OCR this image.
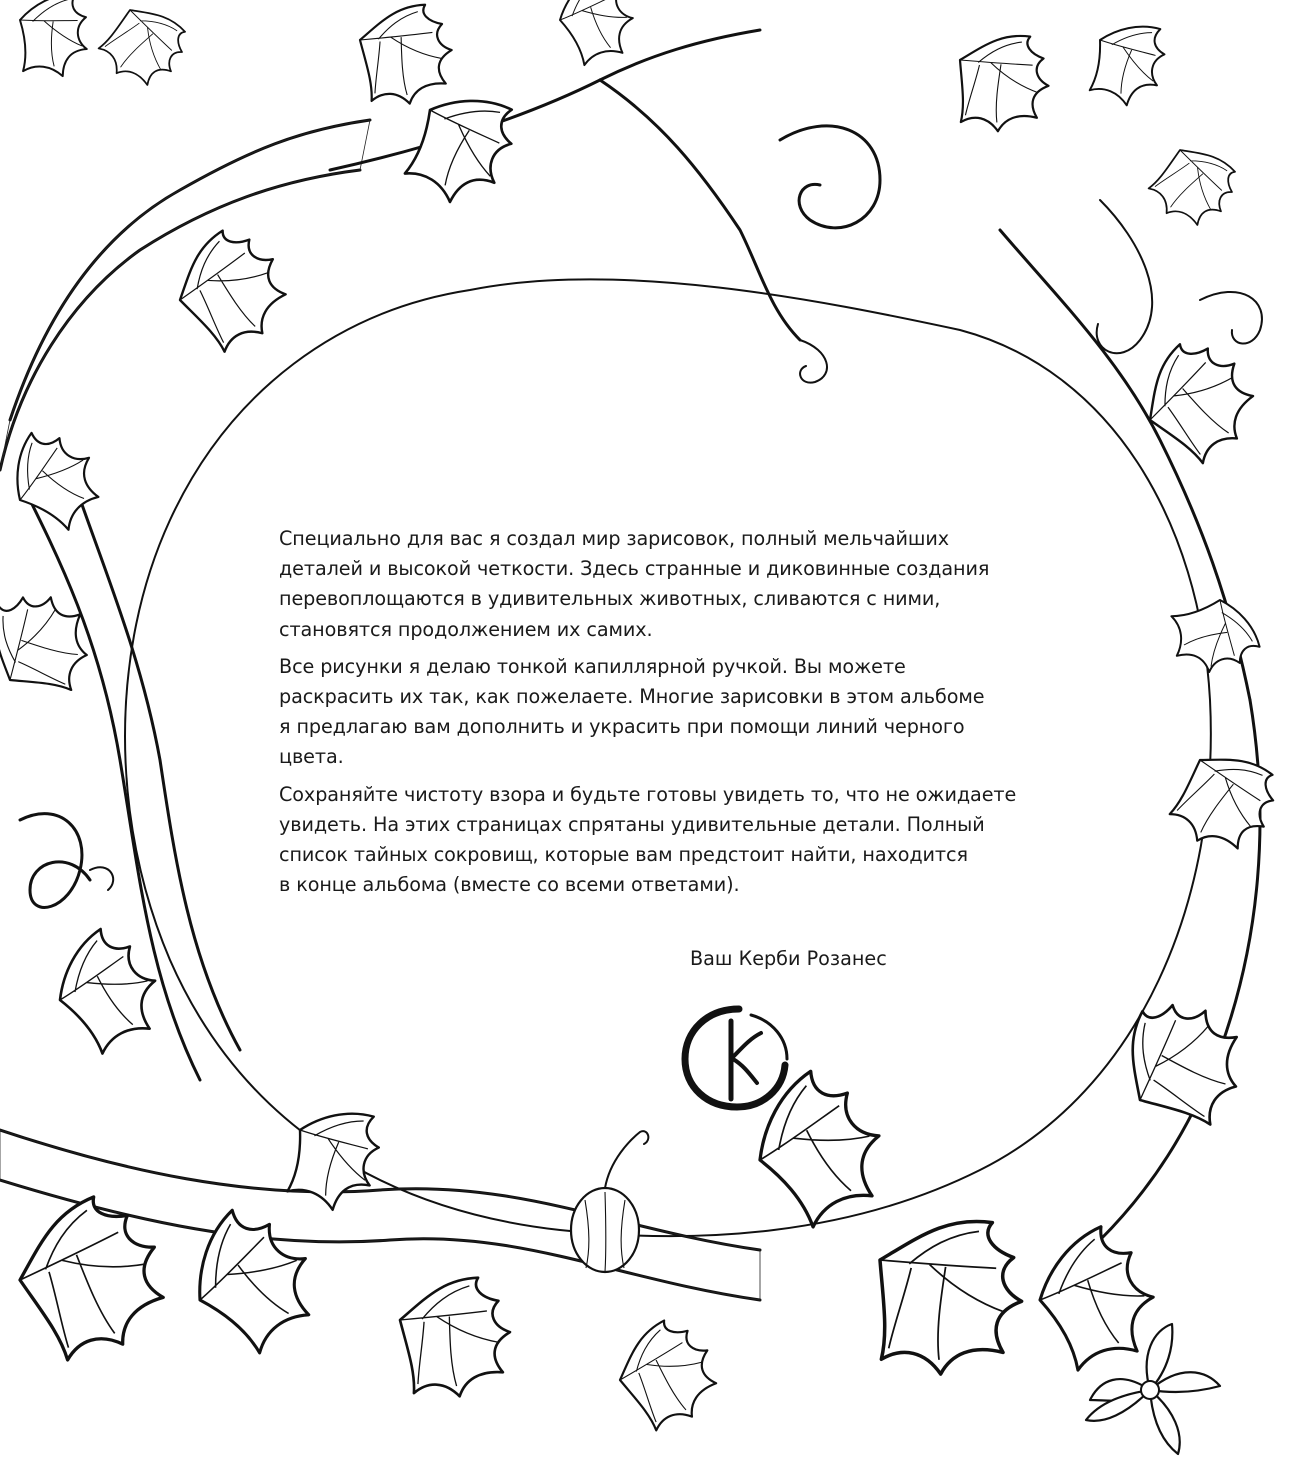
Специально для вас я создал мир зарисовок, полный мельчайших
деталей и высокой четкости. Здесь странные и диковинные создания
перевоплощаются в удивительных животных, сливаются с ними,
становятся продолжением их самих.

Все рисунки я делаю тонкой капиллярной ручкой. Вы можете
раскрасить их так, как пожелаете. Многие зарисовки в этом альбоме
я предлагаю вам дополнить и украсить при помощи линий черного
цвета.

Сохраняйте чистоту взора и будьте готовы увидеть то, что не ожидаете
увидеть. На этих страницах спрятаны удивительные детали. Полный
список тайных сокровищ, которые вам предстоит найти, находится
в конце альбома (вместе со всеми ответами).

Ваш Керби Розанес
